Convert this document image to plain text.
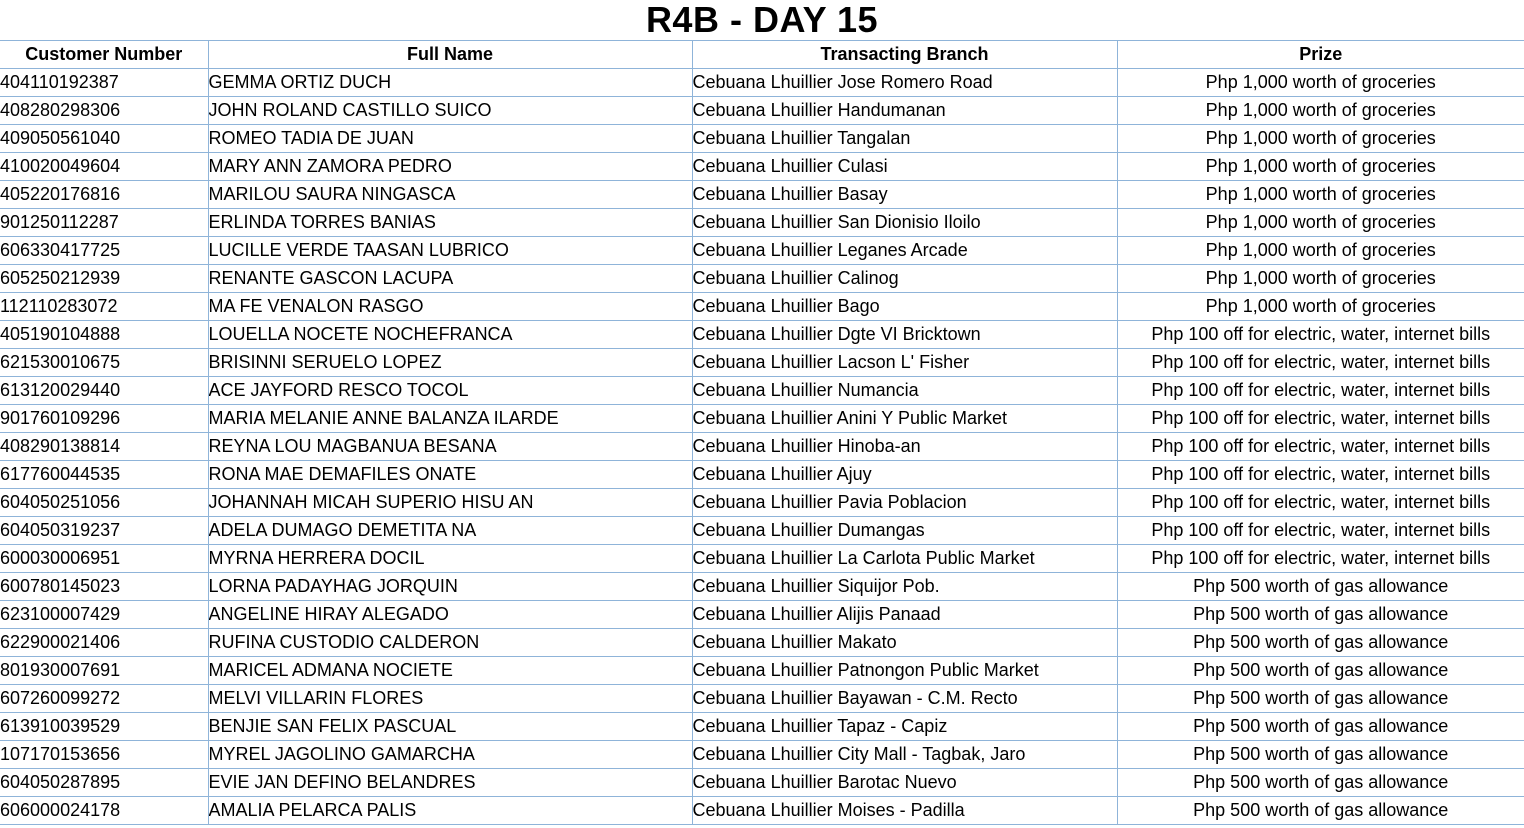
R4B - DAY 15
Customer Number	Full Name	Transacting Branch	Prize
404110192387	GEMMA ORTIZ DUCH	Cebuana Lhuillier Jose Romero Road	Php 1,000 worth of groceries
408280298306	JOHN ROLAND CASTILLO SUICO	Cebuana Lhuillier Handumanan	Php 1,000 worth of groceries
409050561040	ROMEO TADIA DE JUAN	Cebuana Lhuillier Tangalan	Php 1,000 worth of groceries
410020049604	MARY ANN ZAMORA PEDRO	Cebuana Lhuillier Culasi	Php 1,000 worth of groceries
405220176816	MARILOU SAURA NINGASCA	Cebuana Lhuillier Basay	Php 1,000 worth of groceries
901250112287	ERLINDA TORRES BANIAS	Cebuana Lhuillier San Dionisio Iloilo	Php 1,000 worth of groceries
606330417725	LUCILLE VERDE TAASAN LUBRICO	Cebuana Lhuillier Leganes Arcade	Php 1,000 worth of groceries
605250212939	RENANTE GASCON LACUPA	Cebuana Lhuillier Calinog	Php 1,000 worth of groceries
112110283072	MA FE VENALON RASGO	Cebuana Lhuillier Bago	Php 1,000 worth of groceries
405190104888	LOUELLA NOCETE NOCHEFRANCA	Cebuana Lhuillier Dgte VI Bricktown	Php 100 off for electric, water, internet bills
621530010675	BRISINNI SERUELO LOPEZ	Cebuana Lhuillier Lacson L' Fisher	Php 100 off for electric, water, internet bills
613120029440	ACE JAYFORD RESCO TOCOL	Cebuana Lhuillier Numancia	Php 100 off for electric, water, internet bills
901760109296	MARIA MELANIE ANNE BALANZA ILARDE	Cebuana Lhuillier Anini Y Public Market	Php 100 off for electric, water, internet bills
408290138814	REYNA LOU MAGBANUA BESANA	Cebuana Lhuillier Hinoba-an	Php 100 off for electric, water, internet bills
617760044535	RONA MAE DEMAFILES ONATE	Cebuana Lhuillier Ajuy	Php 100 off for electric, water, internet bills
604050251056	JOHANNAH MICAH SUPERIO HISU AN	Cebuana Lhuillier Pavia Poblacion	Php 100 off for electric, water, internet bills
604050319237	ADELA DUMAGO DEMETITA NA	Cebuana Lhuillier Dumangas	Php 100 off for electric, water, internet bills
600030006951	MYRNA HERRERA DOCIL	Cebuana Lhuillier La Carlota Public Market	Php 100 off for electric, water, internet bills
600780145023	LORNA PADAYHAG JORQUIN	Cebuana Lhuillier Siquijor Pob.	Php 500 worth of gas allowance
623100007429	ANGELINE HIRAY ALEGADO	Cebuana Lhuillier Alijis Panaad	Php 500 worth of gas allowance
622900021406	RUFINA CUSTODIO CALDERON	Cebuana Lhuillier Makato	Php 500 worth of gas allowance
801930007691	MARICEL ADMANA NOCIETE	Cebuana Lhuillier Patnongon Public Market	Php 500 worth of gas allowance
607260099272	MELVI VILLARIN FLORES	Cebuana Lhuillier Bayawan - C.M. Recto	Php 500 worth of gas allowance
613910039529	BENJIE SAN FELIX PASCUAL	Cebuana Lhuillier Tapaz - Capiz	Php 500 worth of gas allowance
107170153656	MYREL JAGOLINO GAMARCHA	Cebuana Lhuillier City Mall - Tagbak, Jaro	Php 500 worth of gas allowance
604050287895	EVIE JAN DEFINO BELANDRES	Cebuana Lhuillier Barotac Nuevo	Php 500 worth of gas allowance
606000024178	AMALIA PELARCA PALIS	Cebuana Lhuillier Moises - Padilla	Php 500 worth of gas allowance
